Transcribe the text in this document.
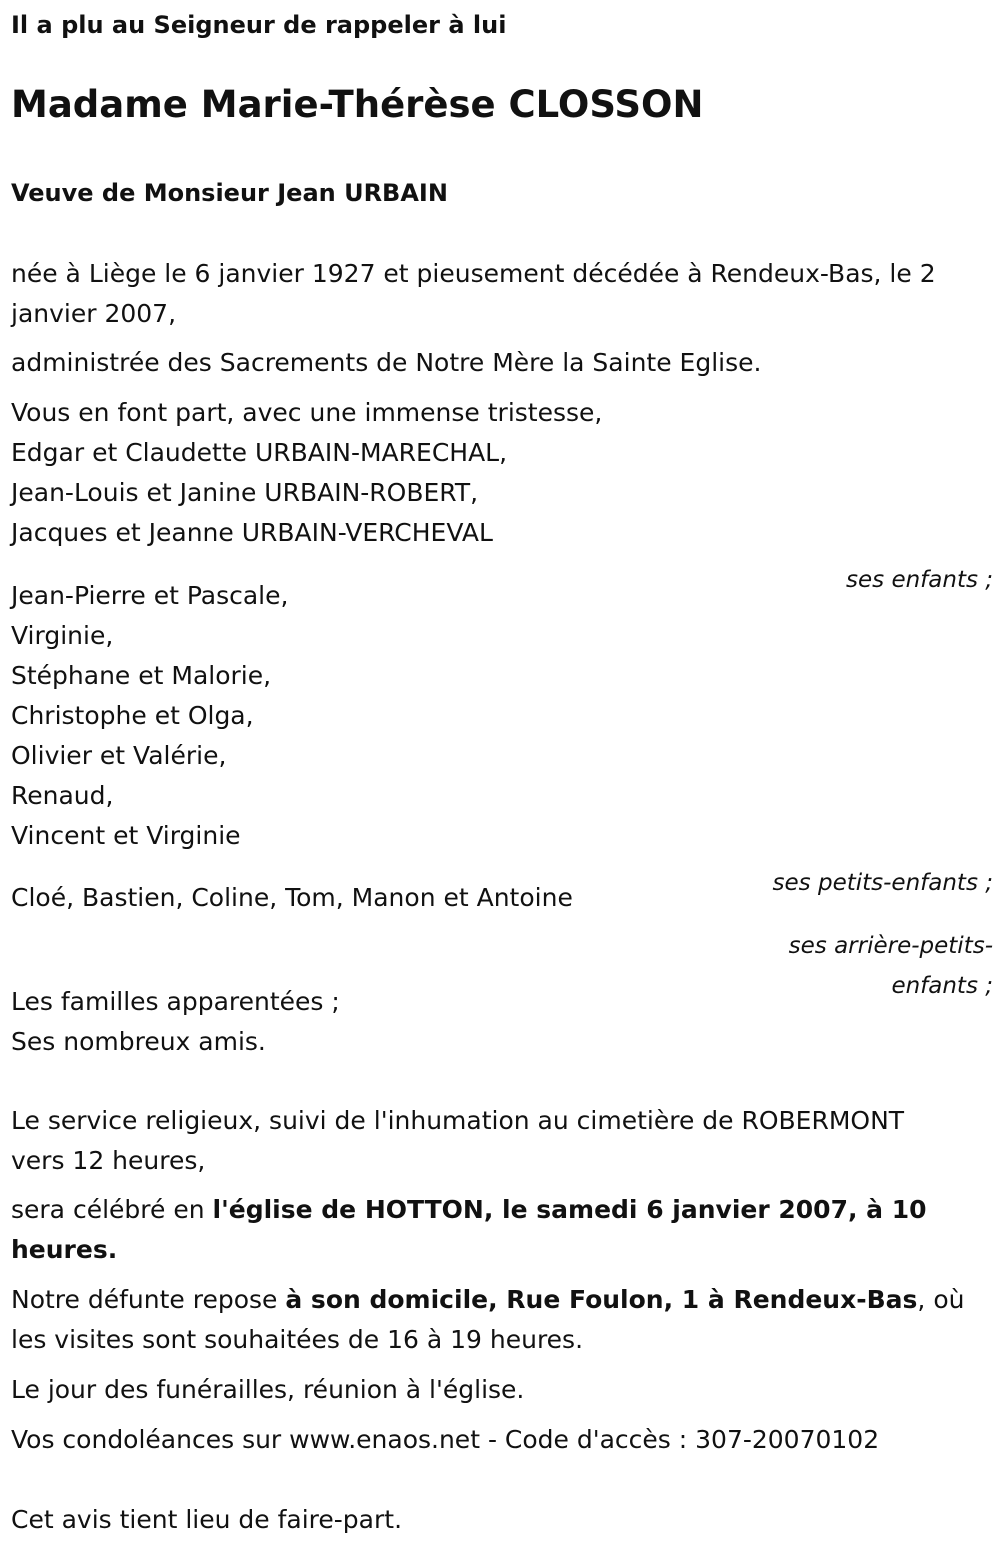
Il a plu au Seigneur de rappeler à lui

Madame Marie-Thérèse CLOSSON

Veuve de Monsieur Jean URBAIN

née à Liège le 6 janvier 1927 et pieusement décédée à Rendeux-Bas, le 2

janvier 2007,

administrée des Sacrements de Notre Mère la Sainte Eglise.

Vous en font part, avec une immense tristesse,

Edgar et Claudette URBAIN-MARECHAL,

Jean-Louis et Janine URBAIN-ROBERT,

Jacques et Jeanne URBAIN-VERCHEVAL

ses enfants ;

Jean-Pierre et Pascale,

Virginie,

Stéphane et Malorie,

Christophe et Olga,

Olivier et Valérie,

Renaud,

Vincent et Virginie

ses petits-enfants ;

Cloé, Bastien, Coline, Tom, Manon et Antoine

ses arrière-petits-

enfants ;

Les familles apparentées ;

Ses nombreux amis.

Le service religieux, suivi de l'inhumation au cimetière de ROBERMONT

vers 12 heures,

sera célébré en l'église de HOTTON, le samedi 6 janvier 2007, à 10

heures.

Notre défunte repose à son domicile, Rue Foulon, 1 à Rendeux-Bas, où

les visites sont souhaitées de 16 à 19 heures.

Le jour des funérailles, réunion à l'église.

Vos condoléances sur www.enaos.net - Code d'accès : 307-20070102

Cet avis tient lieu de faire-part.
